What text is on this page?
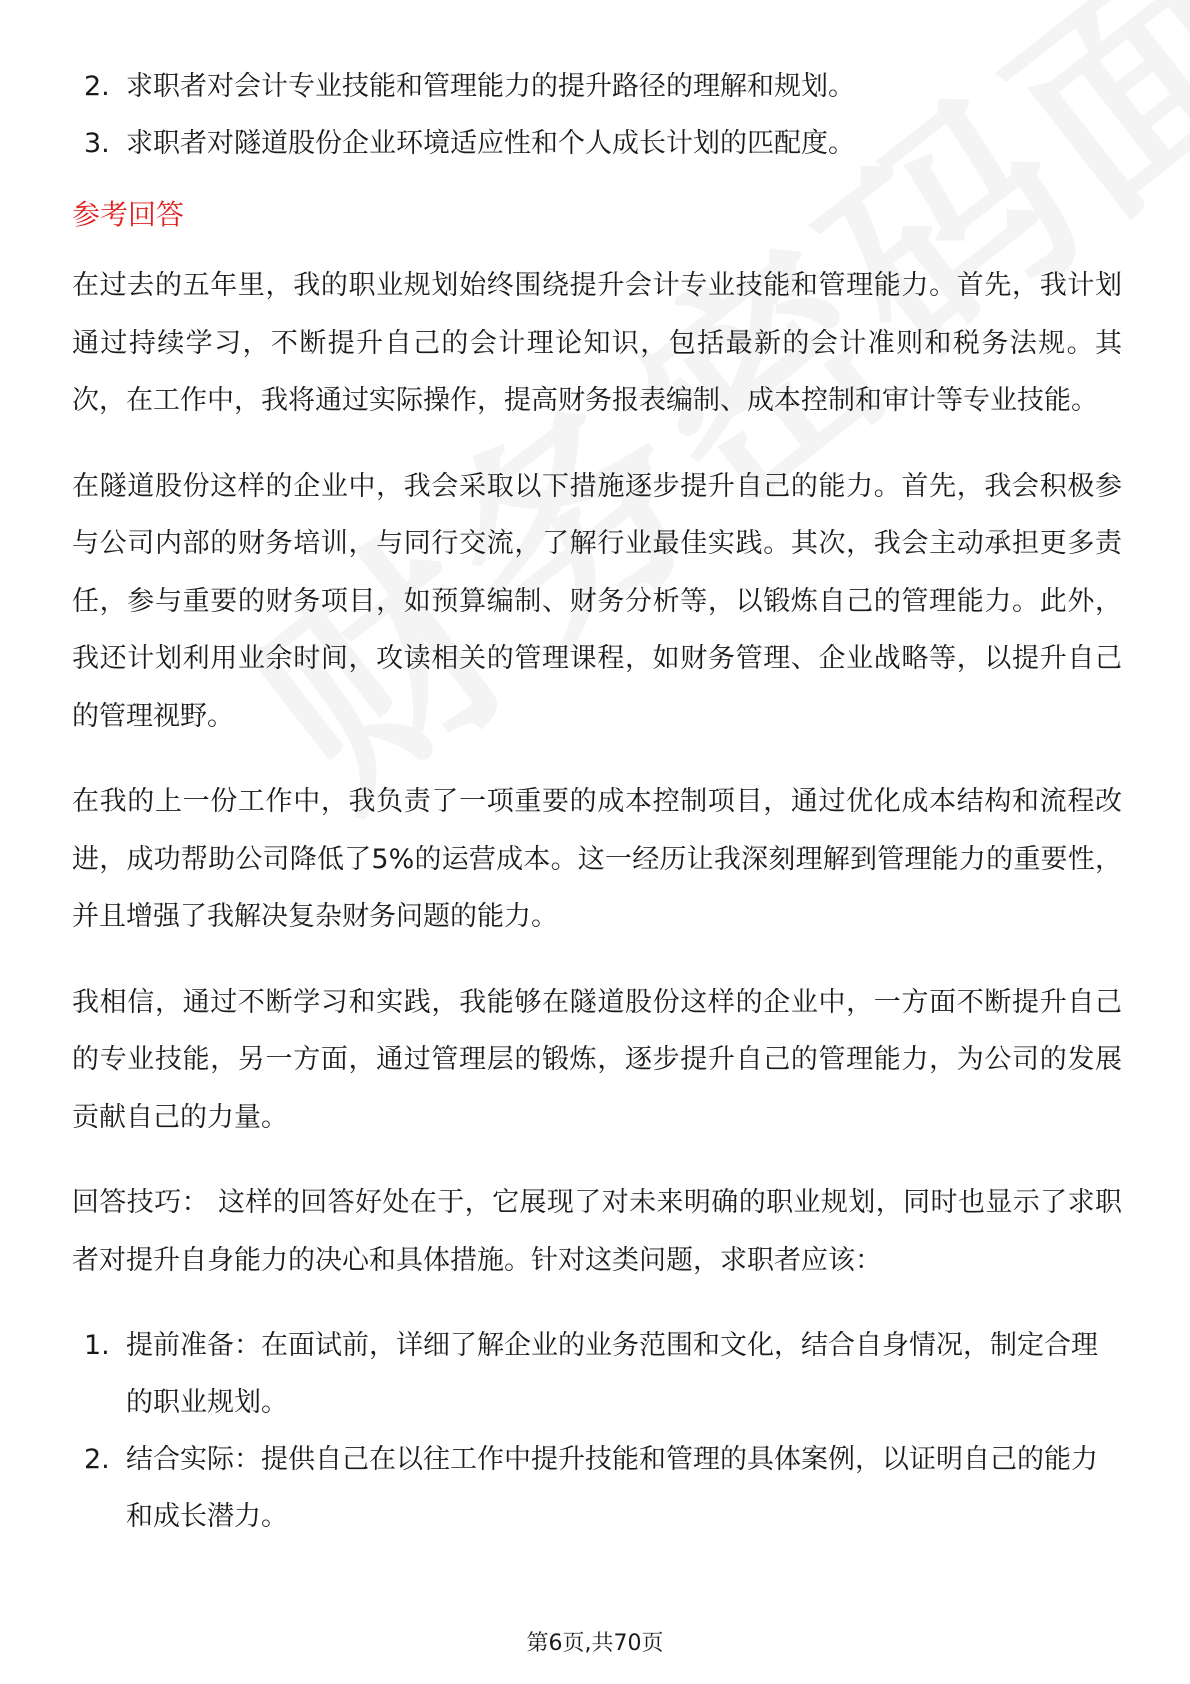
2. 求职者对会计专业技能和管理能力的提升路径的理解和规划。
3. 求职者对隧道股份企业环境适应性和个人成长计划的匹配度。
参考回答

在过去的五年里，我的职业规划始终围绕提升会计专业技能和管理能力。首先，我计划通过持续学习，不断提升自己的会计理论知识，包括最新的会计准则和税务法规。其次，在工作中，我将通过实际操作，提高财务报表编制、成本控制和审计等专业技能。

在隧道股份这样的企业中，我会采取以下措施逐步提升自己的能力。首先，我会积极参与公司内部的财务培训，与同行交流，了解行业最佳实践。其次，我会主动承担更多责任，参与重要的财务项目，如预算编制、财务分析等，以锻炼自己的管理能力。此外，我还计划利用业余时间，攻读相关的管理课程，如财务管理、企业战略等，以提升自己的管理视野。

在我的上一份工作中，我负责了一项重要的成本控制项目，通过优化成本结构和流程改进，成功帮助公司降低了5%的运营成本。这一经历让我深刻理解到管理能力的重要性，并且增强了我解决复杂财务问题的能力。

我相信，通过不断学习和实践，我能够在隧道股份这样的企业中，一方面不断提升自己的专业技能，另一方面，通过管理层的锻炼，逐步提升自己的管理能力，为公司的发展贡献自己的力量。

回答技巧： 这样的回答好处在于，它展现了对未来明确的职业规划，同时也显示了求职者对提升自身能力的决心和具体措施。针对这类问题，求职者应该：

1. 提前准备：在面试前，详细了解企业的业务范围和文化，结合自身情况，制定合理的职业规划。
2. 结合实际：提供自己在以往工作中提升技能和管理的具体案例，以证明自己的能力和成长潜力。
第6页,共70页
